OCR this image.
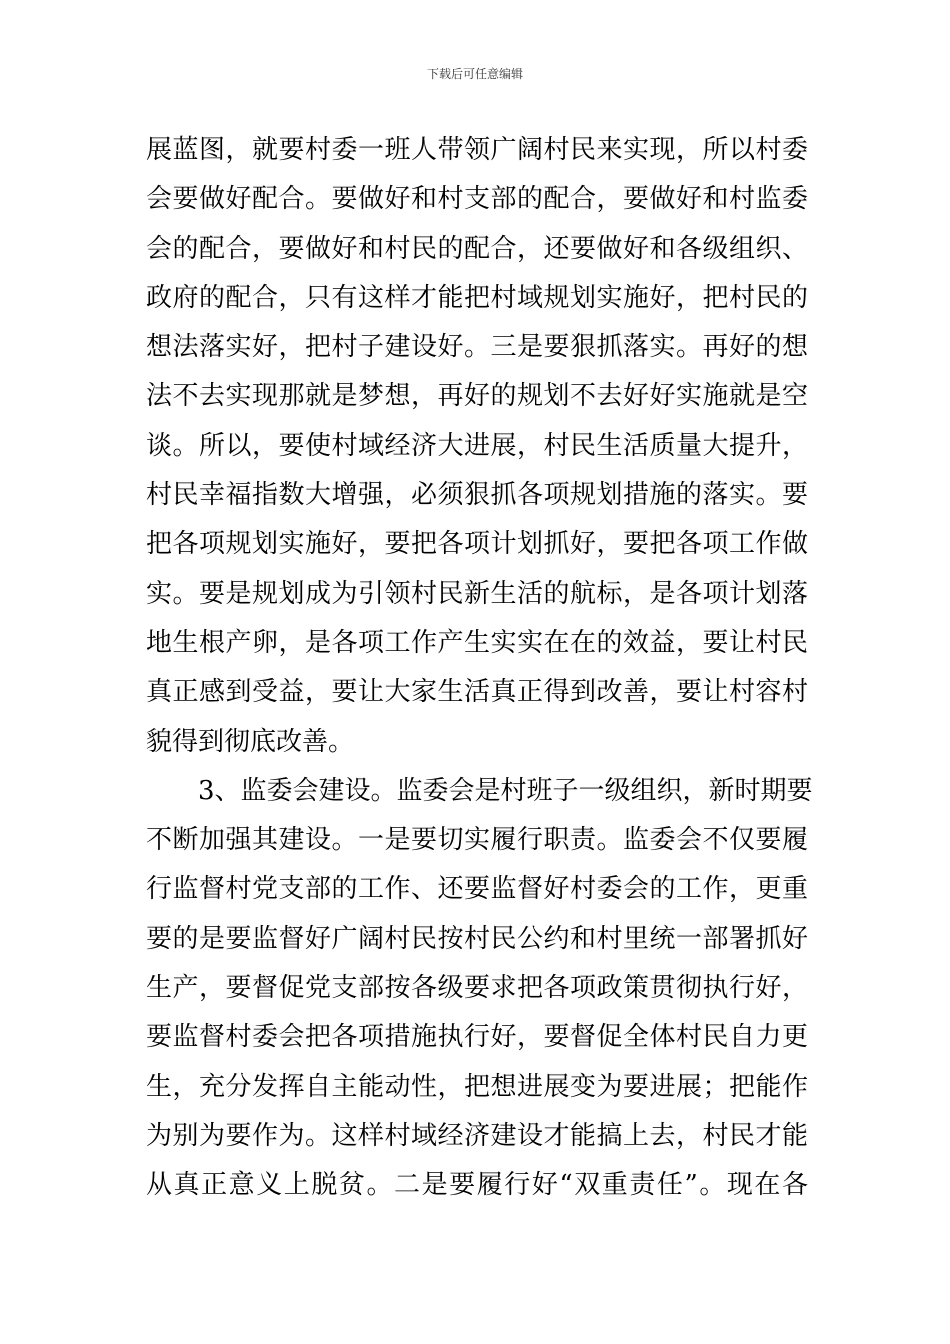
下载后可任意编辑
展蓝图，就要村委一班人带领广阔村民来实现，所以村委
会要做好配合。要做好和村支部的配合，要做好和村监委
会的配合，要做好和村民的配合，还要做好和各级组织、
政府的配合，只有这样才能把村域规划实施好，把村民的
想法落实好，把村子建设好。三是要狠抓落实。再好的想
法不去实现那就是梦想，再好的规划不去好好实施就是空
谈。所以，要使村域经济大进展，村民生活质量大提升，
村民幸福指数大增强，必须狠抓各项规划措施的落实。要
把各项规划实施好，要把各项计划抓好，要把各项工作做
实。要是规划成为引领村民新生活的航标，是各项计划落
地生根产卵，是各项工作产生实实在在的效益，要让村民
真正感到受益，要让大家生活真正得到改善，要让村容村
貌得到彻底改善。
3、监委会建设。监委会是村班子一级组织，新时期要
不断加强其建设。一是要切实履行职责。监委会不仅要履
行监督村党支部的工作、还要监督好村委会的工作，更重
要的是要监督好广阔村民按村民公约和村里统一部署抓好
生产，要督促党支部按各级要求把各项政策贯彻执行好，
要监督村委会把各项措施执行好，要督促全体村民自力更
生，充分发挥自主能动性，把想进展变为要进展；把能作
为别为要作为。这样村域经济建设才能搞上去，村民才能
从真正意义上脱贫。二是要履行好“双重责任”。现在各
